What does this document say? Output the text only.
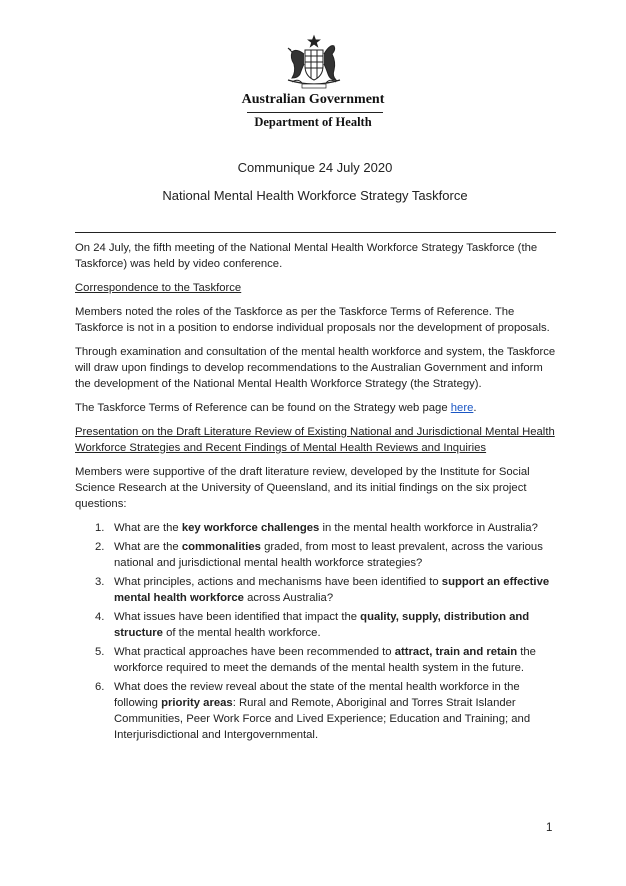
Australian Government
Department of Health
Communique 24 July 2020
National Mental Health Workforce Strategy Taskforce

On 24 July, the fifth meeting of the National Mental Health Workforce Strategy Taskforce (the Taskforce) was held by video conference.

Correspondence to the Taskforce

Members noted the roles of the Taskforce as per the Taskforce Terms of Reference. The Taskforce is not in a position to endorse individual proposals nor the development of proposals.

Through examination and consultation of the mental health workforce and system, the Taskforce will draw upon findings to develop recommendations to the Australian Government and inform the development of the National Mental Health Workforce Strategy (the Strategy).

The Taskforce Terms of Reference can be found on the Strategy web page here.

Presentation on the Draft Literature Review of Existing National and Jurisdictional Mental Health Workforce Strategies and Recent Findings of Mental Health Reviews and Inquiries

Members were supportive of the draft literature review, developed by the Institute for Social Science Research at the University of Queensland, and its initial findings on the six project questions:

1. What are the key workforce challenges in the mental health workforce in Australia?
2. What are the commonalities graded, from most to least prevalent, across the various national and jurisdictional mental health workforce strategies?
3. What principles, actions and mechanisms have been identified to support an effective mental health workforce across Australia?
4. What issues have been identified that impact the quality, supply, distribution and structure of the mental health workforce.
5. What practical approaches have been recommended to attract, train and retain the workforce required to meet the demands of the mental health system in the future.
6. What does the review reveal about the state of the mental health workforce in the following priority areas: Rural and Remote, Aboriginal and Torres Strait Islander Communities, Peer Work Force and Lived Experience; Education and Training; and Interjurisdictional and Intergovernmental.
1
